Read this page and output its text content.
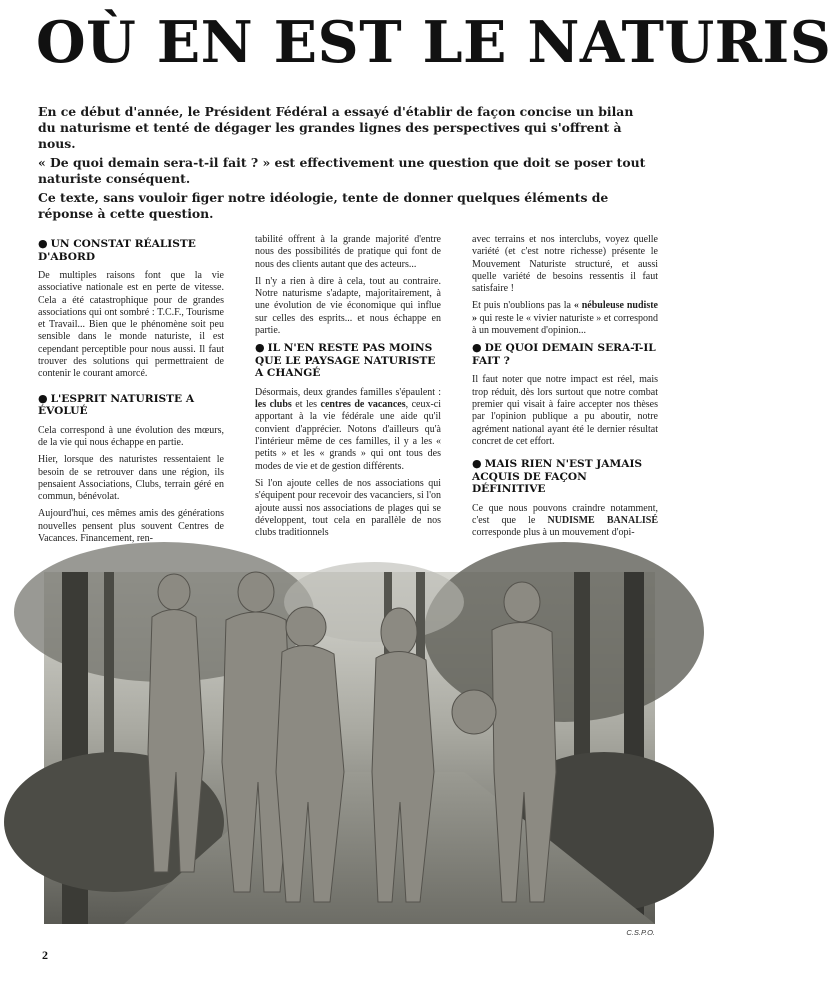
OÙ EN EST LE NATURIS

En ce début d'année, le Président Fédéral a essayé d'établir de façon concise un bilan du naturisme et tenté de dégager les grandes lignes des perspectives qui s'offrent à nous.

« De quoi demain sera-t-il fait ? » est effectivement une question que doit se poser tout naturiste conséquent.

Ce texte, sans vouloir figer notre idéologie, tente de donner quelques éléments de réponse à cette question.

● UN CONSTAT RÉALISTE D'ABORD

De multiples raisons font que la vie associative nationale est en perte de vitesse. Cela a été catastrophique pour de grandes associations qui ont sombré : T.C.F., Tourisme et Travail... Bien que le phénomène soit peu sensible dans le monde naturiste, il est cependant perceptible pour nous aussi. Il faut trouver des solutions qui permettraient de contenir le courant amorcé.

● L'ESPRIT NATURISTE A ÉVOLUÉ

Cela correspond à une évolution des mœurs, de la vie qui nous échappe en partie.

Hier, lorsque des naturistes ressentaient le besoin de se retrouver dans une région, ils pensaient Associations, Clubs, terrain géré en commun, bénévolat.

Aujourd'hui, ces mêmes amis des générations nouvelles pensent plus souvent Centres de Vacances. Financement, ren-

tabilité offrent à la grande majorité d'entre nous des possibilités de pratique qui font de nous des clients autant que des acteurs...

Il n'y a rien à dire à cela, tout au contraire. Notre naturisme s'adapte, majoritairement, à une évolution de vie économique qui influe sur celles des esprits... et nous échappe en partie.

● IL N'EN RESTE PAS MOINS QUE LE PAYSAGE NATURISTE A CHANGÉ

Désormais, deux grandes familles s'épaulent : les clubs et les centres de vacances, ceux-ci apportant à la vie fédérale une aide qu'il convient d'apprécier. Notons d'ailleurs qu'à l'intérieur même de ces familles, il y a les « petits » et les « grands » qui ont tous des modes de vie et de gestion différents.

Si l'on ajoute celles de nos associations qui s'équipent pour recevoir des vacanciers, si l'on ajoute aussi nos associations de plages qui se développent, tout cela en parallèle de nos clubs traditionnels

avec terrains et nos interclubs, voyez quelle variété (et c'est notre richesse) présente le Mouvement Naturiste structuré, et aussi quelle variété de besoins ressentis il faut satisfaire !

Et puis n'oublions pas la « nébuleuse nudiste » qui reste le « vivier naturiste » et correspond à un mouvement d'opinion...

● DE QUOI DEMAIN SERA-T-IL FAIT ?

Il faut noter que notre impact est réel, mais trop réduit, dès lors surtout que notre combat premier qui visait à faire accepter nos thèses par l'opinion publique a pu aboutir, notre agrément national ayant été le dernier résultat concret de cet effort.

● MAIS RIEN N'EST JAMAIS ACQUIS DE FAÇON DÉFINITIVE

Ce que nous pouvons craindre notamment, c'est que le NUDISME BANALISÉ corresponde plus à un mouvement d'opi-

C.S.P.O.
2
